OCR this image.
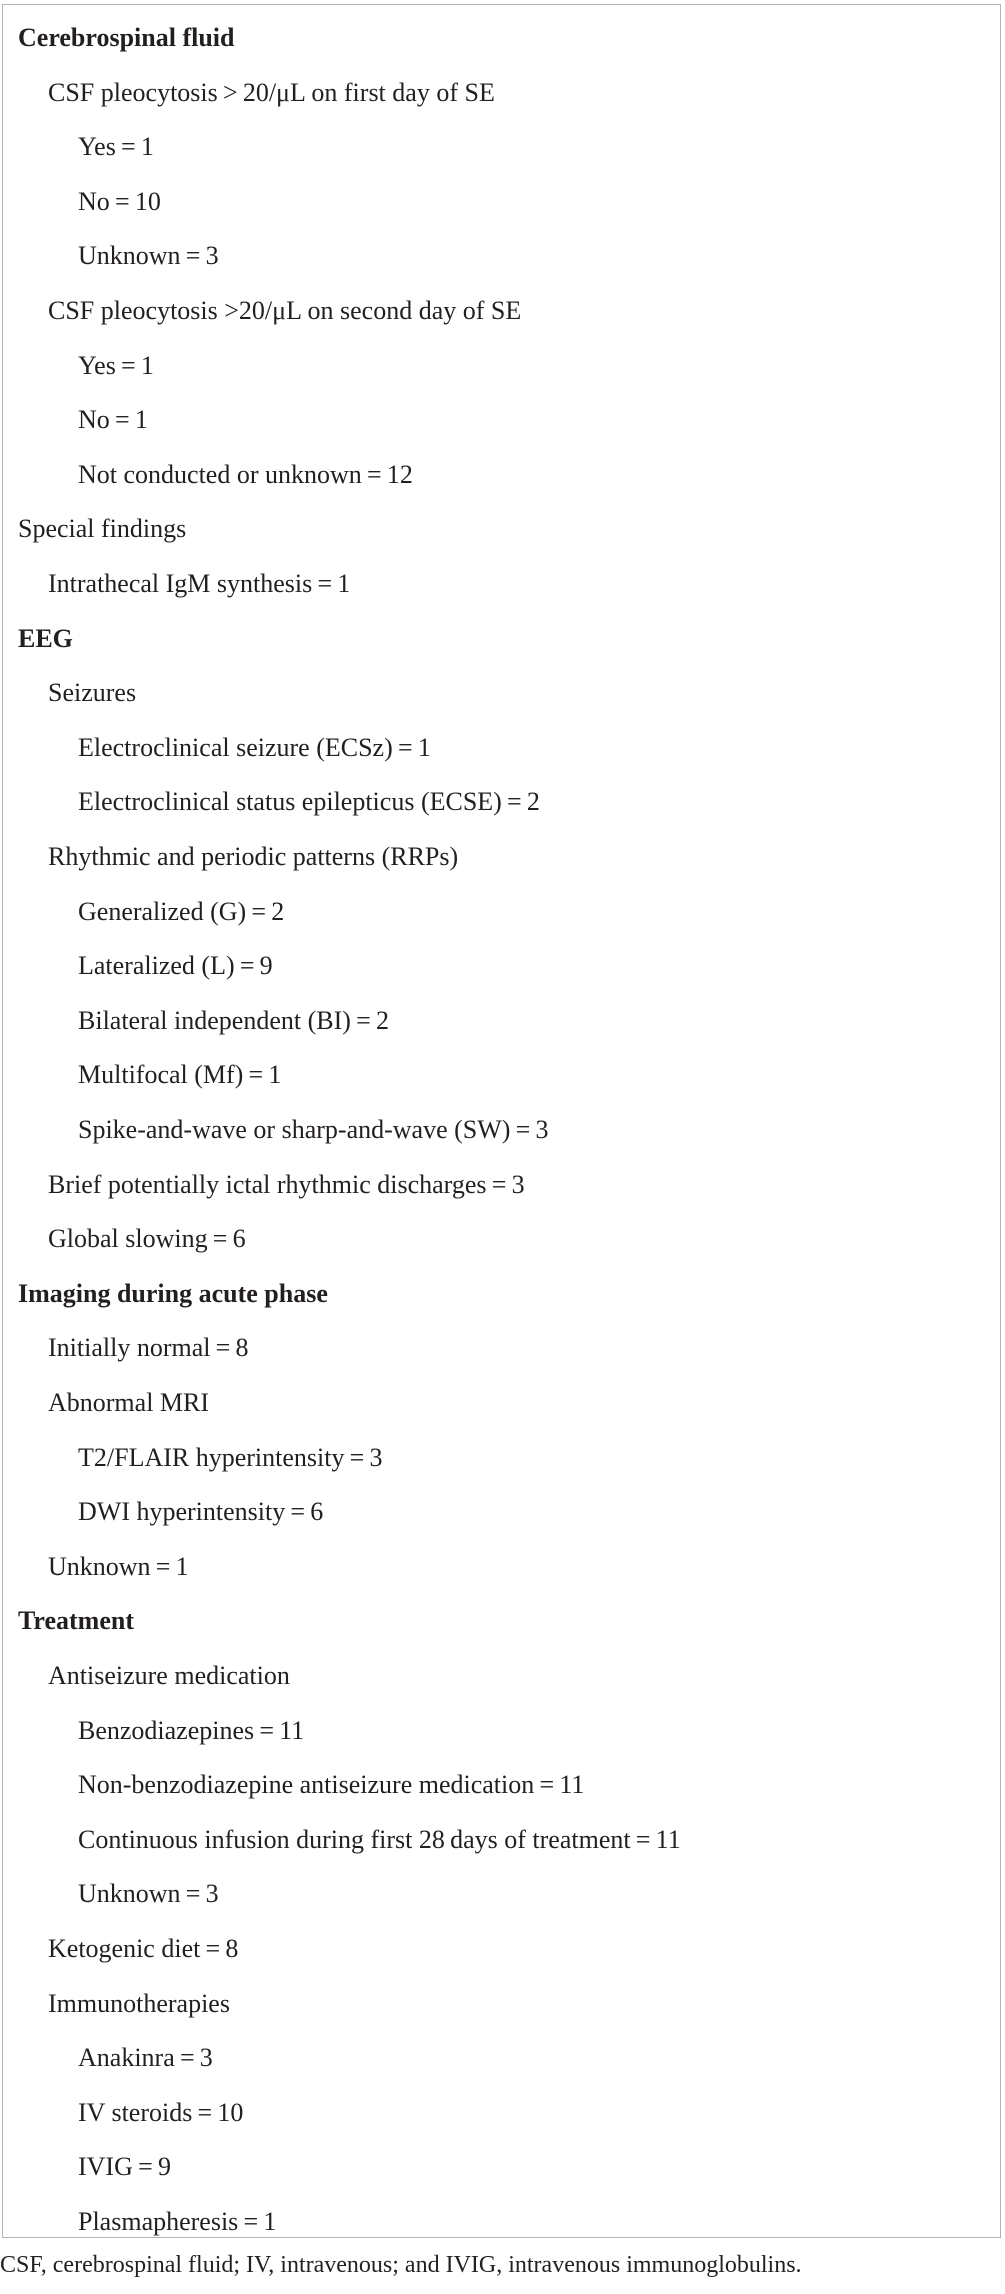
Cerebrospinal fluid
CSF pleocytosis > 20/μL on first day of SE
Yes = 1
No = 10
Unknown = 3
CSF pleocytosis >20/μL on second day of SE
Yes = 1
No = 1
Not conducted or unknown = 12
Special findings
Intrathecal IgM synthesis = 1
EEG
Seizures
Electroclinical seizure (ECSz) = 1
Electroclinical status epilepticus (ECSE) = 2
Rhythmic and periodic patterns (RRPs)
Generalized (G) = 2
Lateralized (L) = 9
Bilateral independent (BI) = 2
Multifocal (Mf) = 1
Spike-and-wave or sharp-and-wave (SW) = 3
Brief potentially ictal rhythmic discharges = 3
Global slowing = 6
Imaging during acute phase
Initially normal = 8
Abnormal MRI
T2/FLAIR hyperintensity = 3
DWI hyperintensity = 6
Unknown = 1
Treatment
Antiseizure medication
Benzodiazepines = 11
Non-benzodiazepine antiseizure medication = 11
Continuous infusion during first 28 days of treatment = 11
Unknown = 3
Ketogenic diet = 8
Immunotherapies
Anakinra = 3
IV steroids = 10
IVIG = 9
Plasmapheresis = 1
CSF, cerebrospinal fluid; IV, intravenous; and IVIG, intravenous immunoglobulins.
